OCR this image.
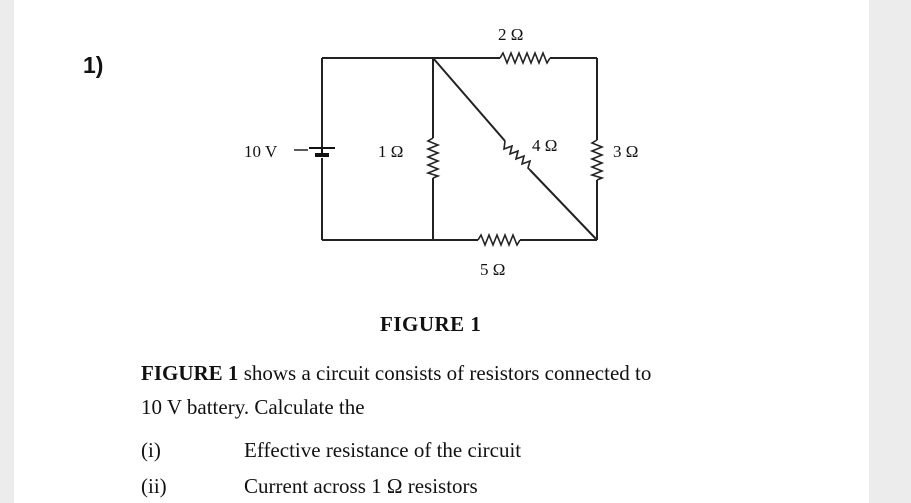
1)
10 V
2 Ω
1 Ω	4 Ω	3 Ω
5 Ω
FIGURE 1
FIGURE 1 shows a circuit consists of resistors connected to
10 V battery. Calculate the
(i)	Effective resistance of the circuit
(ii)	Current across 1 Ω resistors
